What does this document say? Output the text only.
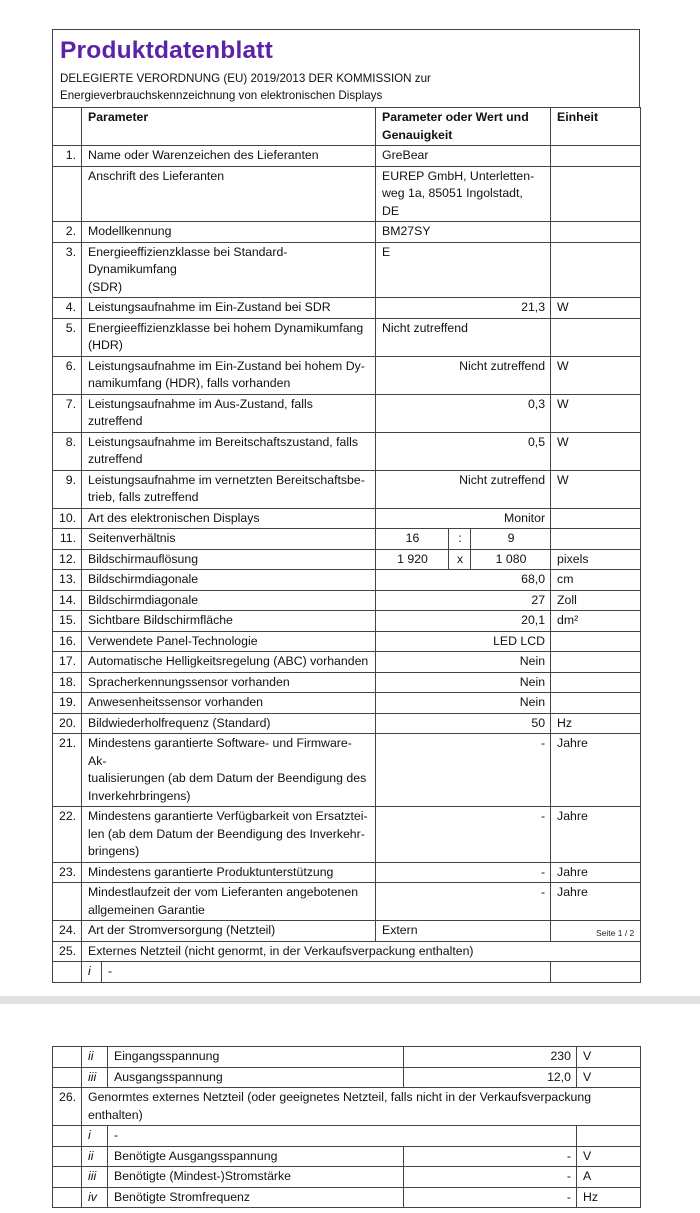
Produktdatenblatt
DELEGIERTE VERORDNUNG (EU) 2019/2013 DER KOMMISSION zur
Energieverbrauchskennzeichnung von elektronischen Displays
	Parameter		Parameter oder Wert und
Genauigkeit			Einheit
1.	Name oder Warenzeichen des Lieferanten		GreBear			
	Anschrift des Lieferanten		EUREP GmbH, Unterletten-
weg 1a, 85051 Ingolstadt,
DE			

2.	Modellkennung		BM27SY			
3.	Energieeffizienzklasse bei Standard-Dynamikumfang
(SDR)		E			
4.	Leistungsaufnahme im Ein-Zustand bei SDR		21,3			W
5.	Energieeffizienzklasse bei hohem Dynamikumfang
(HDR)		Nicht zutreffend			
6.	Leistungsaufnahme im Ein-Zustand bei hohem Dy-
namikumfang (HDR), falls vorhanden		Nicht zutreffend			W
7.	Leistungsaufnahme im Aus-Zustand, falls zutreffend		0,3			W
8.	Leistungsaufnahme im Bereitschaftszustand, falls
zutreffend		0,5			W
9.	Leistungsaufnahme im vernetzten Bereitschaftsbe-
trieb, falls zutreffend		Nicht zutreffend			W
10.	Art des elektronischen Displays		Monitor			
11.	Seitenverhältnis		16	:	9	
12.	Bildschirmauflösung		1 920	x	1 080	pixels
13.	Bildschirmdiagonale		68,0			cm
14.	Bildschirmdiagonale		27			Zoll
15.	Sichtbare Bildschirmfläche		20,1			dm²
16.	Verwendete Panel-Technologie		LED LCD			
17.	Automatische Helligkeitsregelung (ABC) vorhanden		Nein			
18.	Spracherkennungssensor vorhanden		Nein			
19.	Anwesenheitssensor vorhanden		Nein			
20.	Bildwiederholfrequenz (Standard)		50			Hz
21.	Mindestens garantierte Software- und Firmware-Ak-
tualisierungen (ab dem Datum der Beendigung des
Inverkehrbringens)		-			Jahre
22.	Mindestens garantierte Verfügbarkeit von Ersatztei-
len (ab dem Datum der Beendigung des Inverkehr-
bringens)		-			Jahre
23.	Mindestens garantierte Produktunterstützung		-			Jahre

	Mindestlaufzeit der vom Lieferanten angebotenen
allgemeinen Garantie		-			Jahre
24.	Art der Stromversorgung (Netzteil)		Extern			
25.	Externes Netzteil (nicht genormt, in der Verkaufsverpackung enthalten)					
	i	-				
Seite 1 / 2
	ii	Eingangsspannung	230	V
	iii	Ausgangsspannung	12,0	V
26.	Genormtes externes Netzteil (oder geeignetes Netzteil, falls nicht in der Verkaufsverpackung
enthalten)			

	i	-		
	ii	Benötigte Ausgangsspannung	-	V
	iii	Benötigte (Mindest-)Stromstärke	-	A
	iv	Benötigte Stromfrequenz	-	Hz
